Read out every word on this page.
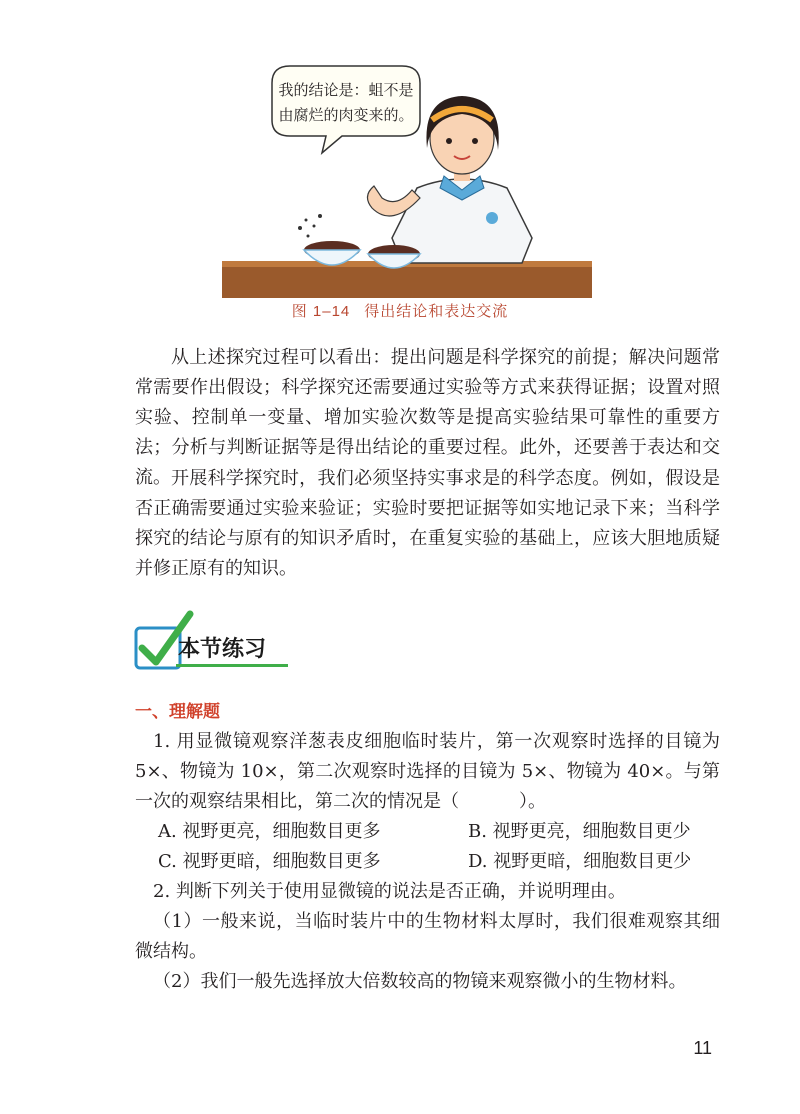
我的结论是：蛆不是
由腐烂的肉变来的。
图 1–14 得出结论和表达交流

从上述探究过程可以看出：提出问题是科学探究的前提；解决问题常常需要作出假设；科学探究还需要通过实验等方式来获得证据；设置对照实验、控制单一变量、增加实验次数等是提高实验结果可靠性的重要方法；分析与判断证据等是得出结论的重要过程。此外，还要善于表达和交流。 开展科学探究时，我们必须坚持实事求是的科学态度。例如，假设是否正确需要通过实验来验证；实验时要把证据等如实地记录下来；当科学探究的结论与原有的知识矛盾时，在重复实验的基础上，应该大胆地质疑并修正原有的知识。

本节练习
一、理解题

1. 用显微镜观察洋葱表皮细胞临时装片，第一次观察时选择的目镜为 5×、物镜为 10×，第二次观察时选择的目镜为 5×、物镜为 40×。与第一次的观察结果相比，第二次的情况是（	）。

A. 视野更亮，细胞数目更多	B. 视野更亮，细胞数目更少
C. 视野更暗，细胞数目更多	D. 视野更暗，细胞数目更少

2. 判断下列关于使用显微镜的说法是否正确，并说明理由。

（1）一般来说，当临时装片中的生物材料太厚时，我们很难观察其细微结构。

（2）我们一般先选择放大倍数较高的物镜来观察微小的生物材料。

11
